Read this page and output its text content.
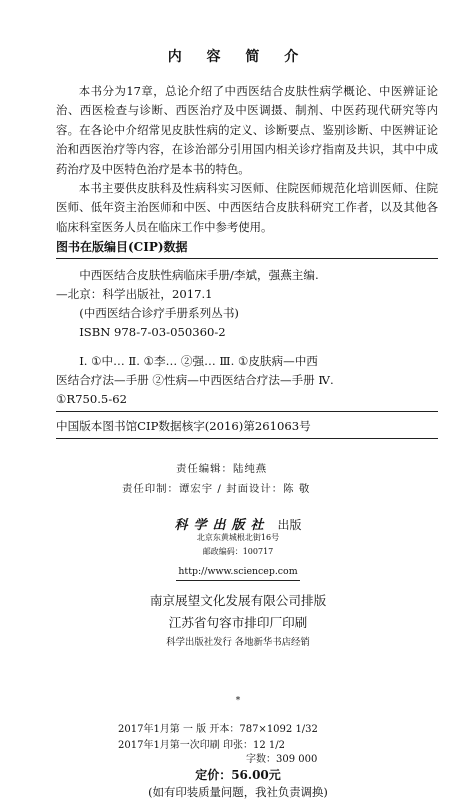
内 容 简 介

本书分为17章，总论介绍了中西医结合皮肤性病学概论、中医辨证论治、西医检查与诊断、西医治疗及中医调摄、制剂、中医药现代研究等内容。在各论中介绍常见皮肤性病的定义、诊断要点、鉴别诊断、中医辨证论治和西医治疗等内容，在诊治部分引用国内相关诊疗指南及共识，其中中成药治疗及中医特色治疗是本书的特色。

本书主要供皮肤科及性病科实习医师、住院医师规范化培训医师、住院医师、低年资主治医师和中医、中西医结合皮肤科研究工作者，以及其他各临床科室医务人员在临床工作中参考使用。

图书在版编目(CIP)数据
中西医结合皮肤性病临床手册/李斌，强燕主编.
—北京：科学出版社，2017.1
(中西医结合诊疗手册系列丛书)
ISBN 978-7-03-050360-2
Ⅰ. ①中… Ⅱ. ①李… ②强… Ⅲ. ①皮肤病—中西
医结合疗法—手册 ②性病—中西医结合疗法—手册 Ⅳ.
①R750.5-62
中国版本图书馆CIP数据核字(2016)第261063号
责任编辑：陆纯燕
责任印制：谭宏宇 / 封面设计：陈 敬
科学出版社 出版
北京东黄城根北街16号
邮政编码：100717
http://www.sciencep.com
南京展望文化发展有限公司排版
江苏省句容市排印厂印刷
科学出版社发行 各地新华书店经销
*
2017年1月第 一 版 开本：787×1092 1/32
2017年1月第一次印刷 印张：12 1/2
字数：309 000
定价：56.00元
(如有印装质量问题，我社负责调换)
